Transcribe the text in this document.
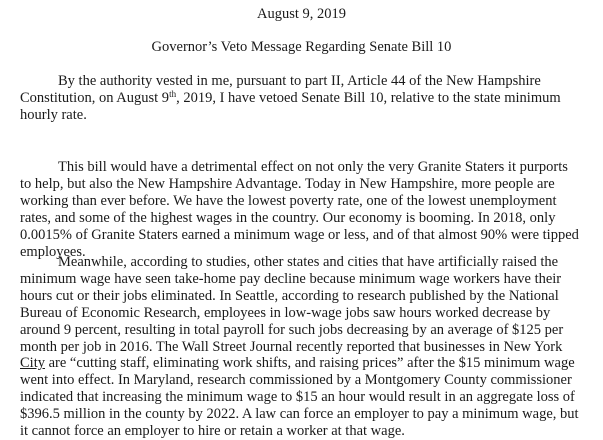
August 9, 2019
Governor’s Veto Message Regarding Senate Bill 10
By the authority vested in me, pursuant to part II, Article 44 of the New Hampshire
Constitution, on August 9th, 2019, I have vetoed Senate Bill 10, relative to the state minimum
hourly rate.
This bill would have a detrimental effect on not only the very Granite Staters it purports
to help, but also the New Hampshire Advantage. Today in New Hampshire, more people are
working than ever before. We have the lowest poverty rate, one of the lowest unemployment
rates, and some of the highest wages in the country. Our economy is booming. In 2018, only
0.0015% of Granite Staters earned a minimum wage or less, and of that almost 90% were tipped
employees.
Meanwhile, according to studies, other states and cities that have artificially raised the
minimum wage have seen take-home pay decline because minimum wage workers have their
hours cut or their jobs eliminated. In Seattle, according to research published by the National
Bureau of Economic Research, employees in low-wage jobs saw hours worked decrease by
around 9 percent, resulting in total payroll for such jobs decreasing by an average of $125 per
month per job in 2016. The Wall Street Journal recently reported that businesses in New York
City are “cutting staff, eliminating work shifts, and raising prices” after the $15 minimum wage
went into effect. In Maryland, research commissioned by a Montgomery County commissioner
indicated that increasing the minimum wage to $15 an hour would result in an aggregate loss of
$396.5 million in the county by 2022. A law can force an employer to pay a minimum wage, but
it cannot force an employer to hire or retain a worker at that wage.
